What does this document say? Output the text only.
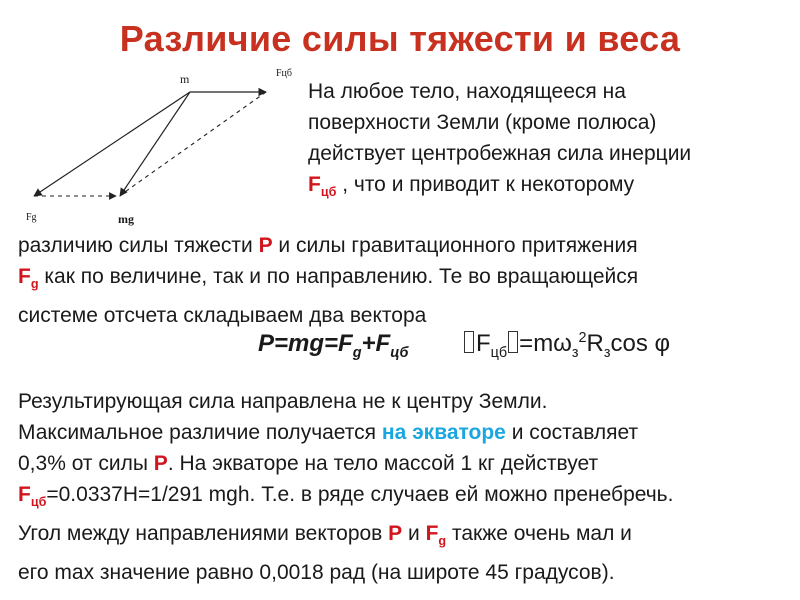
Различие силы тяжести и веса
m	Fцб
Fg	mg
На любое тело, находящееся на
поверхности Земли (кроме полюса)
действует центробежная сила инерции
$F_{цб}$ , что и приводит к некоторому
различию силы тяжести P и силы гравитационного притяжения
$F_g$ как по величине, так и по направлению. Те во вращающейся
системе отсчета складываем два вектора
$P=mg=F_g+F_{цб}$	$F_{цб} =m\omega_з^2R_з\cos$ φ
Результирующая сила направлена не к центру Земли.
Максимальное различие получается на экваторе и составляет
0,3% от силы P. На экваторе на тело массой 1 кг действует
$F_{цб}=0.0337H=1/291$ mgh. Т.е. в ряде случаев ей можно пренебречь.
Угол между направлениями векторов P и $F_g$ также очень мал и
его max значение равно 0,0018 рад (на широте 45 градусов).
